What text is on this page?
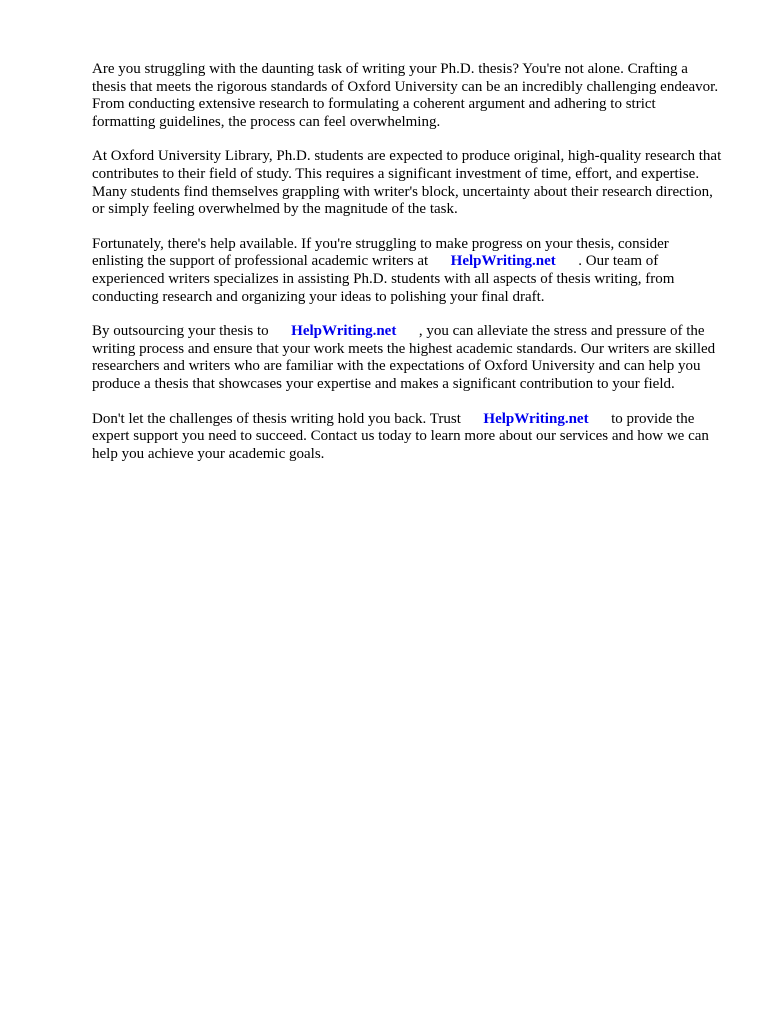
Are you struggling with the daunting task of writing your Ph.D. thesis? You're not alone. Crafting a thesis that meets the rigorous standards of Oxford University can be an incredibly challenging endeavor. From conducting extensive research to formulating a coherent argument and adhering to strict formatting guidelines, the process can feel overwhelming.

At Oxford University Library, Ph.D. students are expected to produce original, high-quality research that contributes to their field of study. This requires a significant investment of time, effort, and expertise. Many students find themselves grappling with writer's block, uncertainty about their research direction, or simply feeling overwhelmed by the magnitude of the task.

Fortunately, there's help available. If you're struggling to make progress on your thesis, consider enlisting the support of professional academic writers at HelpWriting.net . Our team of experienced writers specializes in assisting Ph.D. students with all aspects of thesis writing, from conducting research and organizing your ideas to polishing your final draft.

By outsourcing your thesis to HelpWriting.net , you can alleviate the stress and pressure of the writing process and ensure that your work meets the highest academic standards. Our writers are skilled researchers and writers who are familiar with the expectations of Oxford University and can help you produce a thesis that showcases your expertise and makes a significant contribution to your field.

Don't let the challenges of thesis writing hold you back. Trust HelpWriting.net to provide the expert support you need to succeed. Contact us today to learn more about our services and how we can help you achieve your academic goals.
